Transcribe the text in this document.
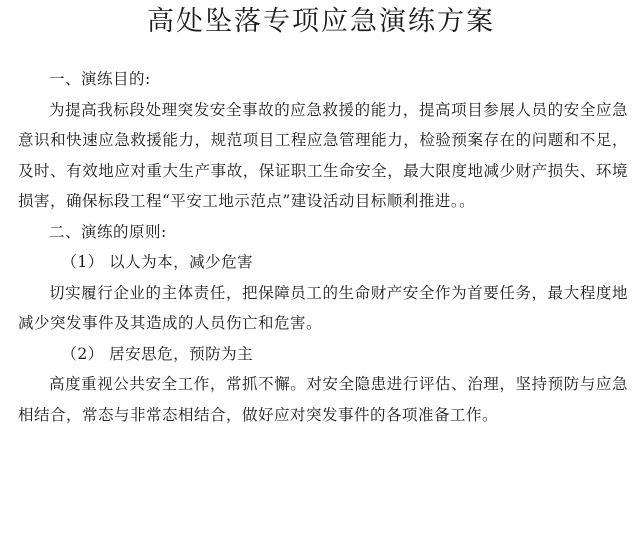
高处坠落专项应急演练方案

一、演练目的:

为提高我标段处理突发安全事故的应急救援的能力，提高项目参展人员的安全应急意识和快速应急救援能力，规范项目工程应急管理能力，检验预案存在的问题和不足，及时、有效地应对重大生产事故，保证职工生命安全，最大限度地减少财产损失、环境损害，确保标段工程“平安工地示范点”建设活动目标顺利推进。。

二、演练的原则:

（1） 以人为本，减少危害

切实履行企业的主体责任，把保障员工的生命财产安全作为首要任务，最大程度地减少突发事件及其造成的人员伤亡和危害。

（2） 居安思危，预防为主

高度重视公共安全工作，常抓不懈。对安全隐患进行评估、治理，坚持预防与应急相结合，常态与非常态相结合，做好应对突发事件的各项准备工作。
